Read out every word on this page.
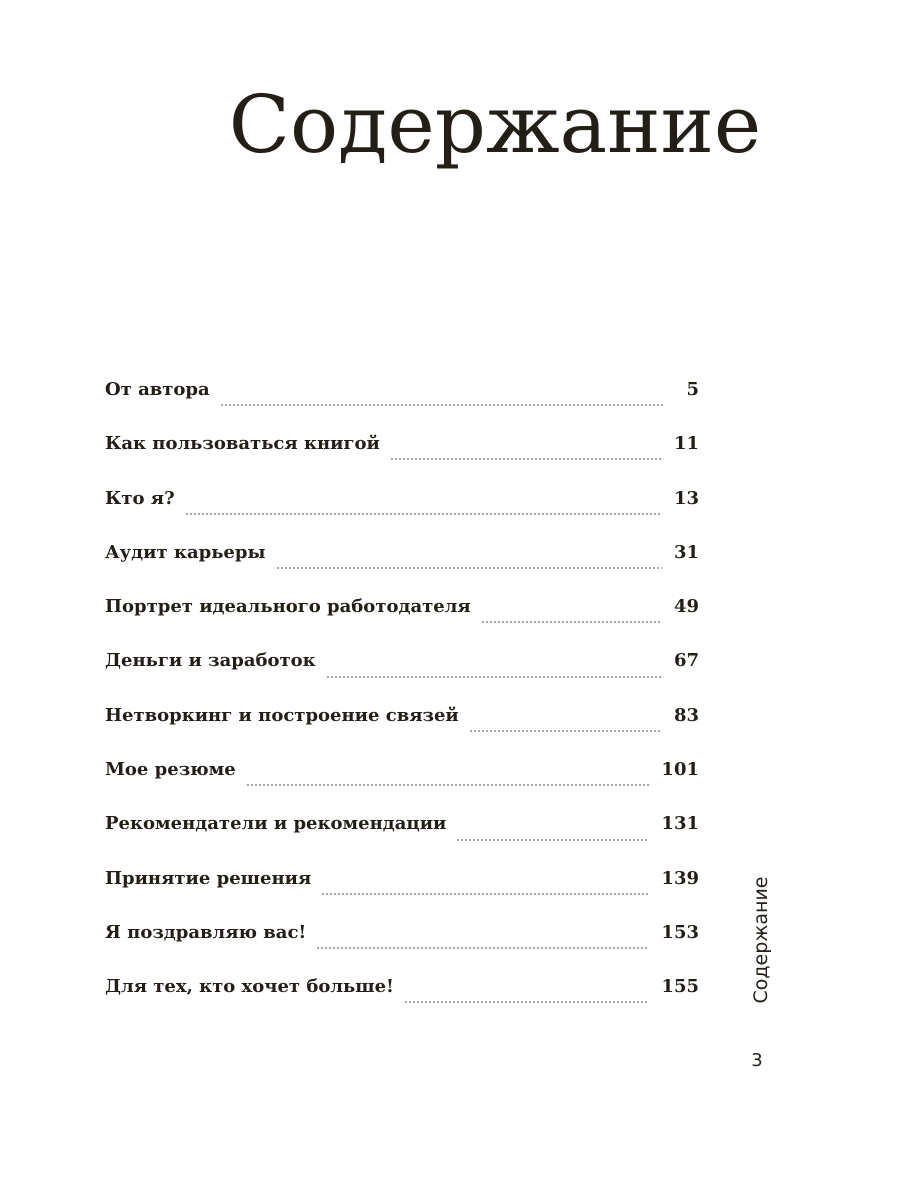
Содержание
От автора	5
Как пользоваться книгой	11
Кто я?	13
Аудит карьеры	31
Портрет идеального работодателя	49
Деньги и заработок	67
Нетворкинг и построение связей	83
Мое резюме	101
Рекомендатели и рекомендации	131
Принятие решения	139
Я поздравляю вас!	153
Для тех, кто хочет больше!	155	Содержание
3
